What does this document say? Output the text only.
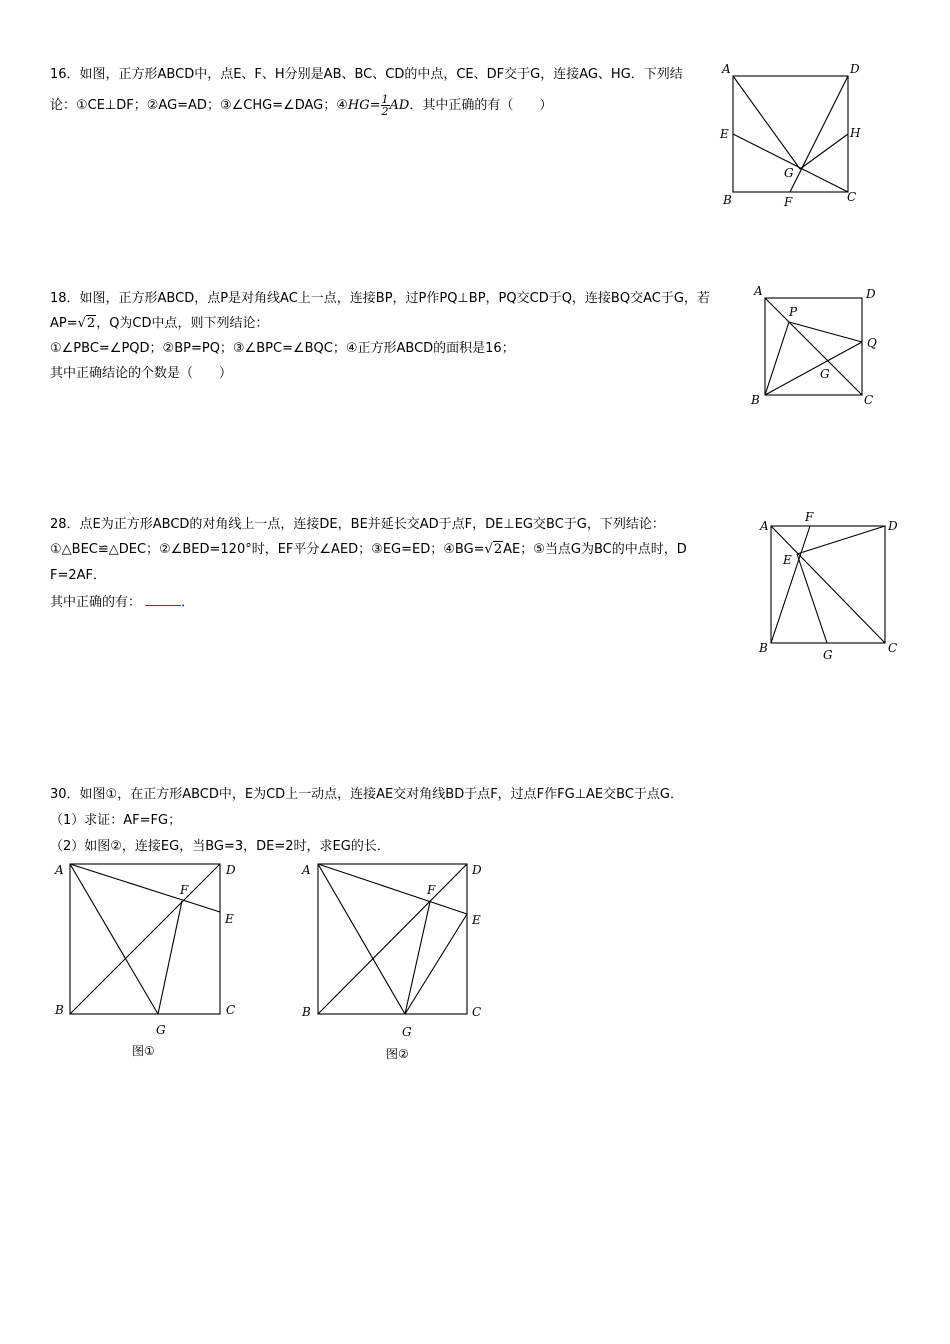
16．如图，正方形ABCD中，点E、F、H分别是AB、BC、CD的中点，CE、DF交于G，连接AG、HG．下列结
论：①CE⊥DF；②AG=AD；③∠CHG=∠DAG；④HG= $\frac{1}{2}$ AD．其中正确的有（　　）
A	D
E	H
G
B	F	C
18．如图，正方形ABCD，点P是对角线AC上一点，连接BP，过P作PQ⊥BP，PQ交CD于Q，连接BQ交AC于G，若
AP=√2，Q为CD中点，则下列结论：
①∠PBC=∠PQD；②BP=PQ；③∠BPC=∠BQC；④正方形ABCD的面积是16；
其中正确结论的个数是（　　）
A	D
P
Q
G
B	C
28．点E为正方形ABCD的对角线上一点，连接DE，BE并延长交AD于点F，DE⊥EG交BC于G，下列结论：
①△BEC≌△DEC；②∠BED=120°时，EF平分∠AED；③EG=ED；④BG=√2AE；⑤当点G为BC的中点时，D
F=2AF．
其中正确的有：	．
A
F
D
E
B	G	C
30．如图①，在正方形ABCD中，E为CD上一动点，连接AE交对角线BD于点F，过点F作FG⊥AE交BC于点G．
（1）求证：AF=FG；
（2）如图②，连接EG，当BG=3，DE=2时，求EG的长．
A	D
F
E
B
G
C
图①
A	D
F
E
B
G
C
图②
